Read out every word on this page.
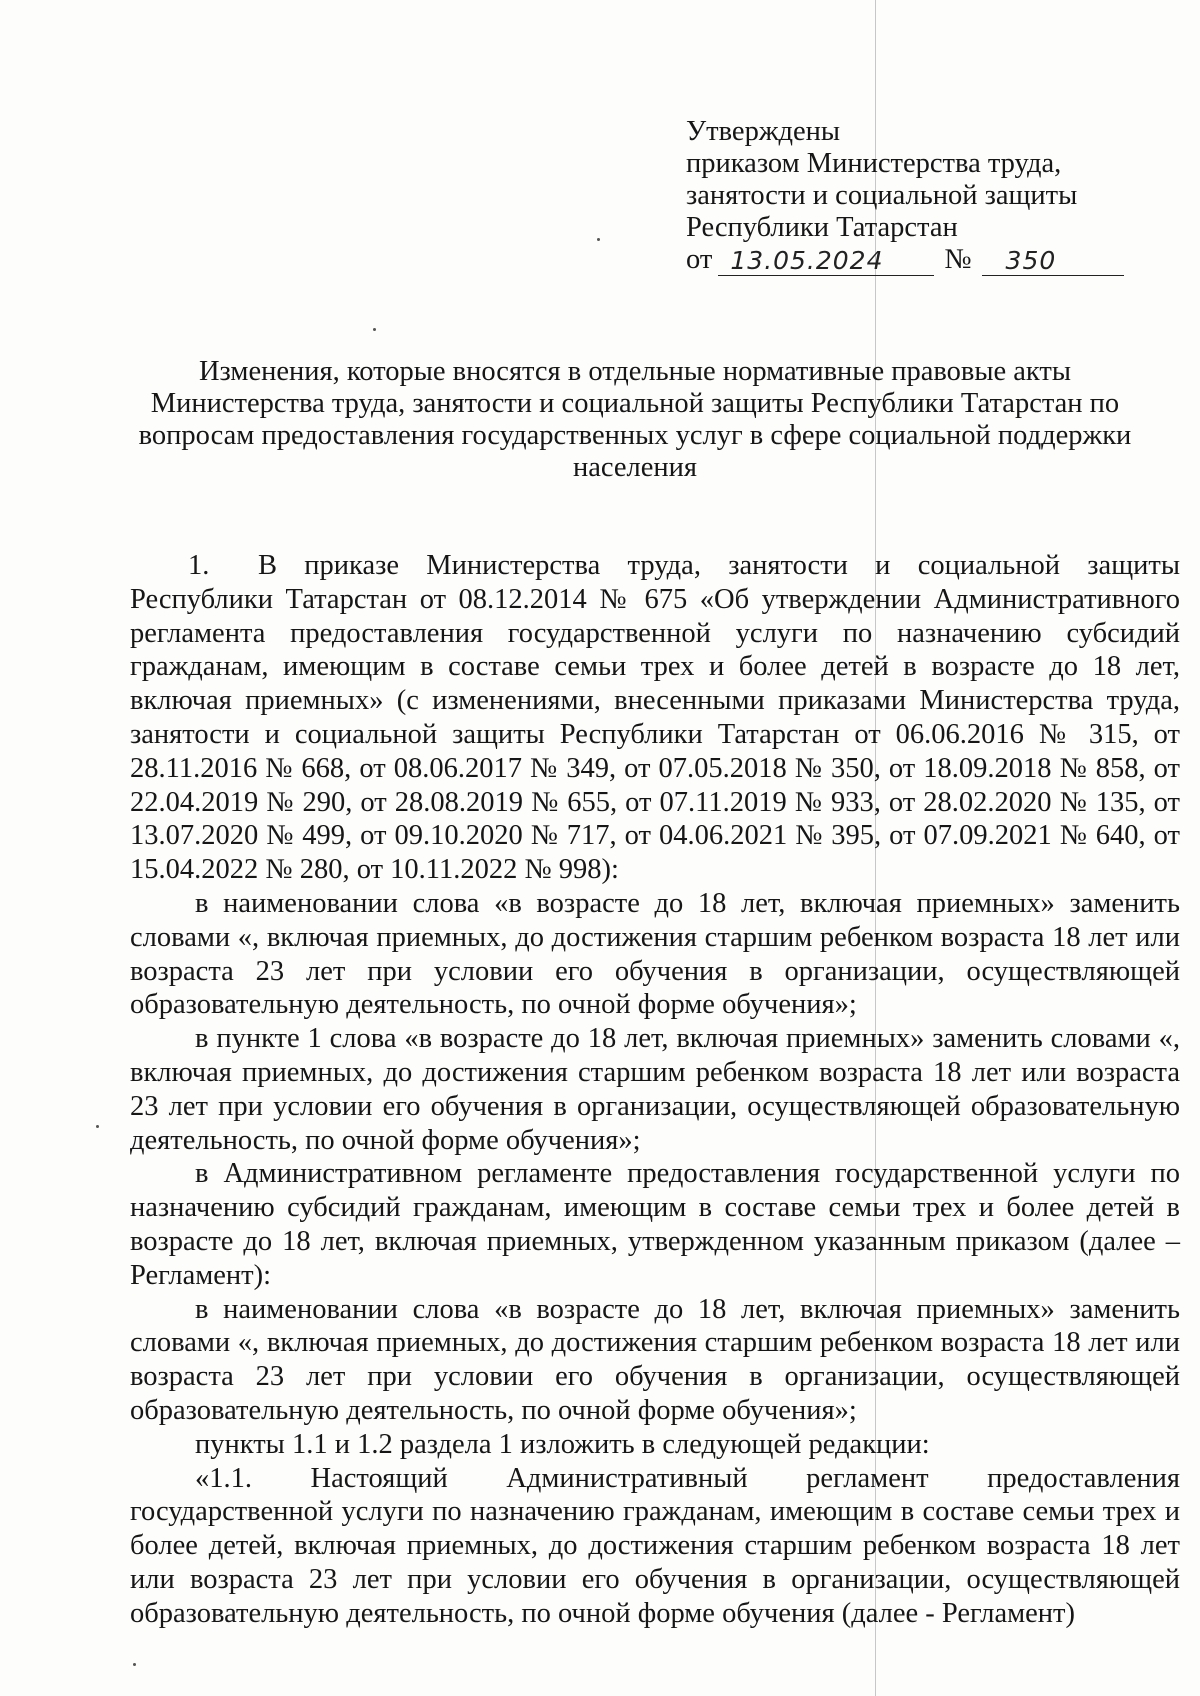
Утверждены
приказом Министерства труда,
занятости и социальной защиты
Республики Татарстан
от 13.05.2024	№	350
Изменения, которые вносятся в отдельные нормативные правовые акты Министерства труда, занятости и социальной защиты Республики Татарстан по вопросам предоставления государственных услуг в сфере социальной поддержки населения

1. В приказе Министерства труда, занятости и социальной защиты Республики Татарстан от 08.12.2014 № 675 «Об утверждении Административного регламента предоставления государственной услуги по назначению субсидий гражданам, имеющим в составе семьи трех и более детей в возрасте до 18 лет, включая приемных» (с изменениями, внесенными приказами Министерства труда, занятости и социальной защиты Республики Татарстан от 06.06.2016 № 315, от 28.11.2016 № 668, от 08.06.2017 № 349, от 07.05.2018 № 350, от 18.09.2018 № 858, от 22.04.2019 № 290, от 28.08.2019 № 655, от 07.11.2019 № 933, от 28.02.2020 № 135, от 13.07.2020 № 499, от 09.10.2020 № 717, от 04.06.2021 № 395, от 07.09.2021 № 640, от 15.04.2022 № 280, от 10.11.2022 № 998):

в наименовании слова «в возрасте до 18 лет, включая приемных» заменить словами «, включая приемных, до достижения старшим ребенком возраста 18 лет или возраста 23 лет при условии его обучения в организации, осуществляющей образовательную деятельность, по очной форме обучения»;

в пункте 1 слова «в возрасте до 18 лет, включая приемных» заменить словами «, включая приемных, до достижения старшим ребенком возраста 18 лет или возраста 23 лет при условии его обучения в организации, осуществляющей образовательную деятельность, по очной форме обучения»;

в Административном регламенте предоставления государственной услуги по назначению субсидий гражданам, имеющим в составе семьи трех и более детей в возрасте до 18 лет, включая приемных, утвержденном указанным приказом (далее – Регламент):

в наименовании слова «в возрасте до 18 лет, включая приемных» заменить словами «, включая приемных, до достижения старшим ребенком возраста 18 лет или возраста 23 лет при условии его обучения в организации, осуществляющей образовательную деятельность, по очной форме обучения»;

пункты 1.1 и 1.2 раздела 1 изложить в следующей редакции:

«1.1. Настоящий Административный регламент предоставления государственной услуги по назначению гражданам, имеющим в составе семьи трех и более детей, включая приемных, до достижения старшим ребенком возраста 18 лет или возраста 23 лет при условии его обучения в организации, осуществляющей образовательную деятельность, по очной форме обучения (далее - Регламент)
